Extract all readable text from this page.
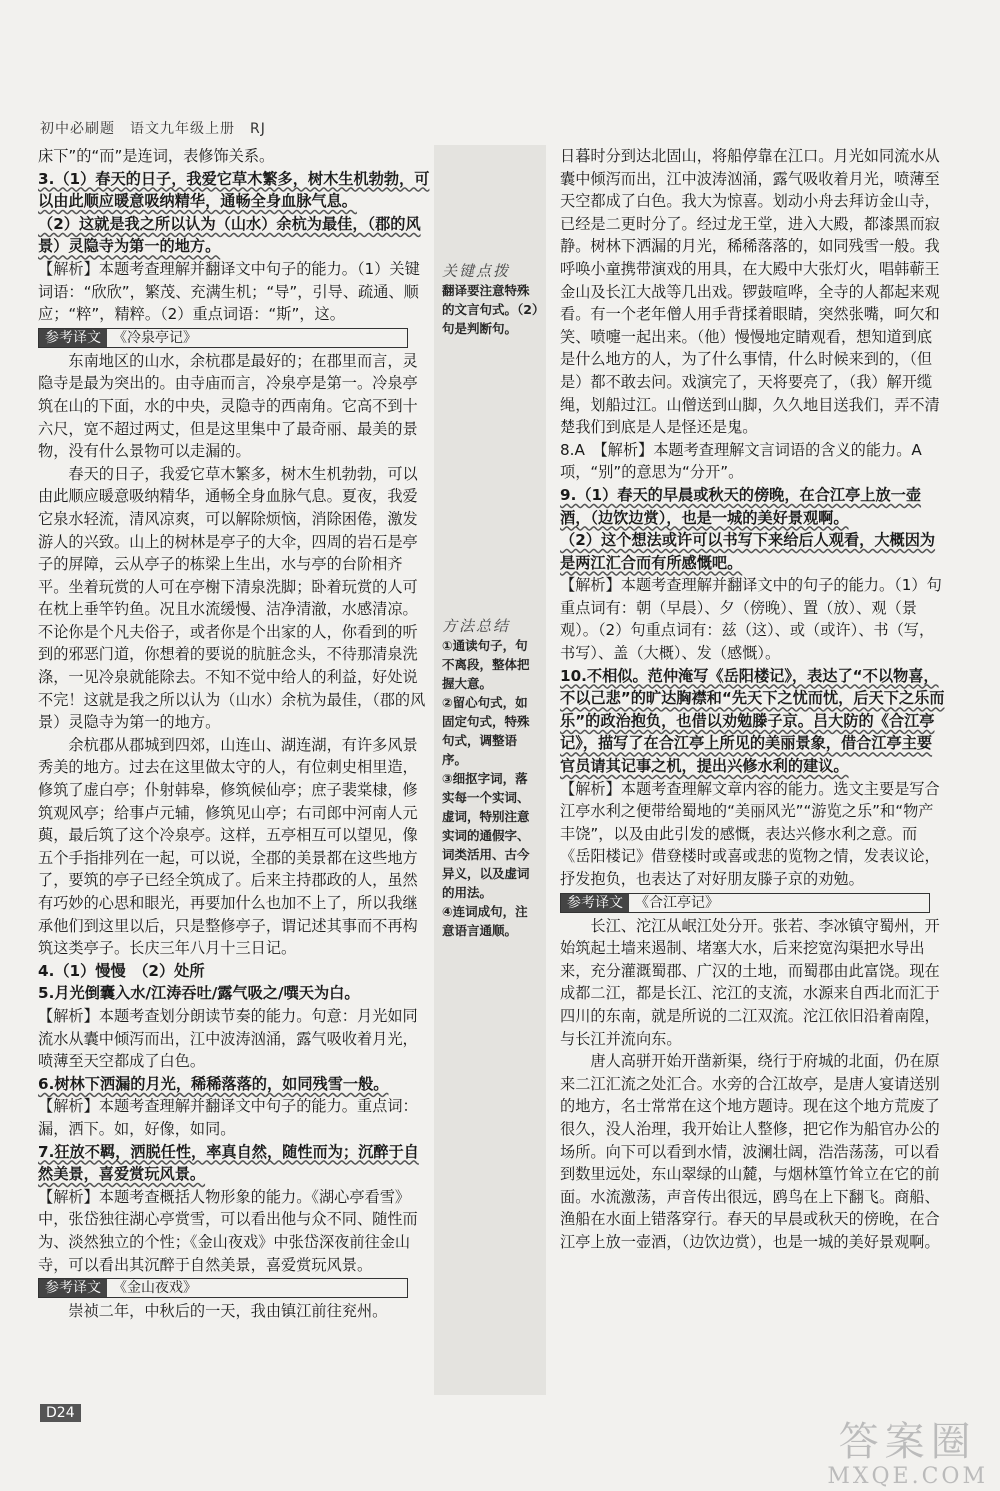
初中必刷题　语文九年级上册　RJ

床下”的“而”是连词，表修饰关系。

3.（1）春天的日子，我爱它草木繁多，树木生机勃勃，可以由此顺应暖意吸纳精华，通畅全身血脉气息。

（2）这就是我之所以认为（山水）余杭为最佳，（郡的风景）灵隐寺为第一的地方。

【解析】本题考查理解并翻译文中句子的能力。（1）关键词语：“欣欣”，繁茂、充满生机；“导”，引导、疏通、顺应；“粹”，精粹。（2）重点词语：“斯”，这。

参考译文 《冷泉亭记》

东南地区的山水，余杭郡是最好的；在郡里而言，灵隐寺是最为突出的。由寺庙而言，冷泉亭是第一。冷泉亭筑在山的下面，水的中央，灵隐寺的西南角。它高不到十六尺，宽不超过两丈，但是这里集中了最奇丽、最美的景物，没有什么景物可以走漏的。

春天的日子，我爱它草木繁多，树木生机勃勃，可以由此顺应暖意吸纳精华，通畅全身血脉气息。夏夜，我爱它泉水轻流，清风凉爽，可以解除烦恼，消除困倦，激发游人的兴致。山上的树林是亭子的大伞，四周的岩石是亭子的屏障，云从亭子的栋梁上生出，水与亭的台阶相齐平。坐着玩赏的人可在亭榭下清泉洗脚；卧着玩赏的人可在枕上垂竿钓鱼。况且水流缓慢、洁净清澈，水感清凉。不论你是个凡夫俗子，或者你是个出家的人，你看到的听到的邪恶门道，你想着的要说的肮脏念头，不待那清泉洗涤，一见冷泉就能除去。不知不觉中给人的利益，好处说不完！这就是我之所以认为（山水）余杭为最佳，（郡的风景）灵隐寺为第一的地方。

余杭郡从郡城到四郊，山连山、湖连湖，有许多风景秀美的地方。过去在这里做太守的人，有位刺史相里造，修筑了虚白亭；仆射韩皋，修筑候仙亭；庶子裴棠棣，修筑观风亭；给事卢元辅，修筑见山亭；右司郎中河南人元藇，最后筑了这个冷泉亭。这样，五亭相互可以望见，像五个手指排列在一起，可以说，全郡的美景都在这些地方了，要筑的亭子已经全筑成了。后来主持郡政的人，虽然有巧妙的心思和眼光，再要加什么也加不上了，所以我继承他们到这里以后，只是整修亭子，谓记述其事而不再构筑这类亭子。长庆三年八月十三日记。

4.（1）慢慢　（2）处所

5.月光倒囊入水/江涛吞吐/露气吸之/噀天为白。

【解析】本题考查划分朗读节奏的能力。句意：月光如同流水从囊中倾泻而出，江中波涛汹涌，露气吸收着月光，喷薄至天空都成了白色。

6.树林下洒漏的月光，稀稀落落的，如同残雪一般。

【解析】本题考查理解并翻译文中句子的能力。重点词：漏，洒下。如，好像，如同。

7.狂放不羁，洒脱任性，率真自然，随性而为；沉醉于自然美景，喜爱赏玩风景。

【解析】本题考查概括人物形象的能力。《湖心亭看雪》中，张岱独往湖心亭赏雪，可以看出他与众不同、随性而为、淡然独立的个性；《金山夜戏》中张岱深夜前往金山寺，可以看出其沉醉于自然美景，喜爱赏玩风景。

参考译文 《金山夜戏》

崇祯二年，中秋后的一天，我由镇江前往兖州。

关键点拨
翻译要注意特殊的文言句式。（2）句是判断句。
方法总结
①通读句子，句不离段，整体把握大意。
②留心句式，如固定句式，特殊句式，调整语序。
③细抠字词，落实每一个实词、虚词，特别注意实词的通假字、词类活用、古今异义，以及虚词的用法。
④连词成句，注意语言通顺。

日暮时分到达北固山，将船停靠在江口。月光如同流水从囊中倾泻而出，江中波涛汹涌，露气吸收着月光，喷薄至天空都成了白色。我大为惊喜。划动小舟去拜访金山寺，已经是二更时分了。经过龙王堂，进入大殿，都漆黑而寂静。树林下洒漏的月光，稀稀落落的，如同残雪一般。我呼唤小童携带演戏的用具，在大殿中大张灯火，唱韩蕲王金山及长江大战等几出戏。锣鼓喧哗，全寺的人都起来观看。有一个老年僧人用手背揉着眼睛，突然张嘴，呵欠和笑、喷嚏一起出来。（他）慢慢地定睛观看，想知道到底是什么地方的人，为了什么事情，什么时候来到的，（但是）都不敢去问。戏演完了，天将要亮了，（我）解开缆绳，划船过江。山僧送到山脚，久久地目送我们，弄不清楚我们到底是人是怪还是鬼。

8.A　【解析】本题考查理解文言词语的含义的能力。A项，“别”的意思为“分开”。

9.（1）春天的早晨或秋天的傍晚，在合江亭上放一壶酒，（边饮边赏），也是一城的美好景观啊。

（2）这个想法或许可以书写下来给后人观看，大概因为是两江汇合而有所感慨吧。

【解析】本题考查理解并翻译文中的句子的能力。（1）句重点词有：朝（早晨）、夕（傍晚）、置（放）、观（景观）。（2）句重点词有：兹（这）、或（或许）、书（写，书写）、盖（大概）、发（感慨）。

10.不相似。范仲淹写《岳阳楼记》，表达了“不以物喜，不以己悲”的旷达胸襟和“先天下之忧而忧，后天下之乐而乐”的政治抱负，也借以劝勉滕子京。吕大防的《合江亭记》，描写了在合江亭上所见的美丽景象，借合江亭主要官员请其记事之机，提出兴修水利的建议。

【解析】本题考查理解文章内容的能力。选文主要是写合江亭水利之便带给蜀地的“美丽风光”“游览之乐”和“物产丰饶”，以及由此引发的感慨，表达兴修水利之意。而《岳阳楼记》借登楼时或喜或悲的览物之情，发表议论，抒发抱负，也表达了对好朋友滕子京的劝勉。

参考译文 《合江亭记》

长江、沱江从岷江处分开。张若、李冰镇守蜀州，开始筑起土墙来遏制、堵塞大水，后来挖宽沟渠把水导出来，充分灌溉蜀郡、广汉的土地，而蜀郡由此富饶。现在成都二江，都是长江、沱江的支流，水源来自西北而汇于四川的东南，就是所说的二江双流。沱江依旧沿着南隍，与长江并流向东。

唐人高骈开始开凿新渠，绕行于府城的北面，仍在原来二江汇流之处汇合。水旁的合江故亭，是唐人宴请送别的地方，名士常常在这个地方题诗。现在这个地方荒废了很久，没人治理，我开始让人整修，把它作为船官办公的场所。向下可以看到水情，波澜壮阔，浩浩荡荡，可以看到数里远处，东山翠绿的山麓，与烟林篁竹耸立在它的前面。水流激荡，声音传出很远，鸥鸟在上下翻飞。商船、渔船在水面上错落穿行。春天的早晨或秋天的傍晚，在合江亭上放一壶酒，（边饮边赏），也是一城的美好景观啊。

D24
答案圈
MXQE.COM
